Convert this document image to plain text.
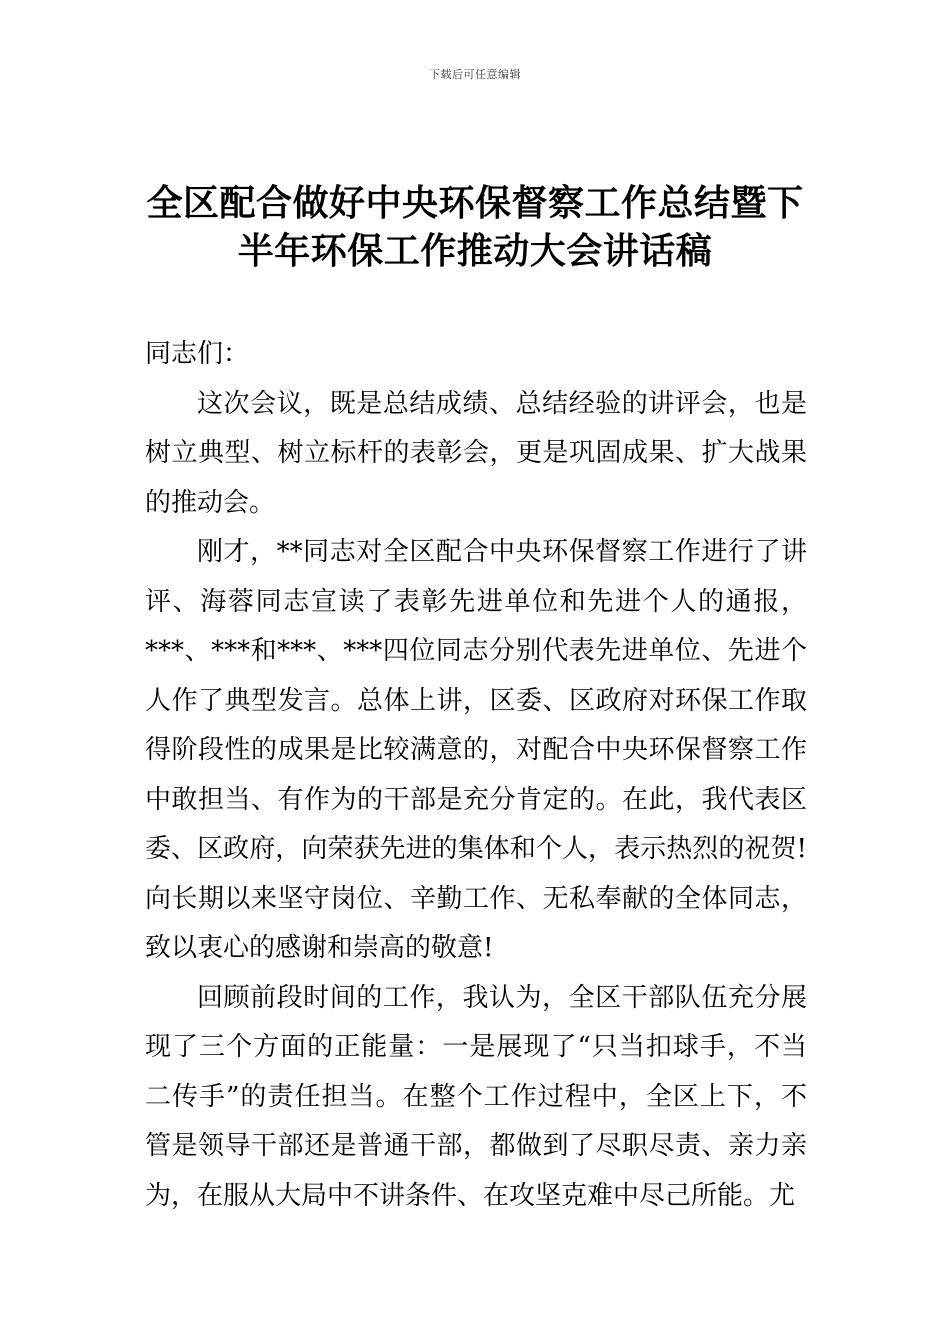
下载后可任意编辑
全区配合做好中央环保督察工作总结暨下
半年环保工作推动大会讲话稿

同志们：

这次会议，既是总结成绩、总结经验的讲评会，也是树立典型、树立标杆的表彰会，更是巩固成果、扩大战果的推动会。

刚才，**同志对全区配合中央环保督察工作进行了讲评、海蓉同志宣读了表彰先进单位和先进个人的通报，***、***和***、***四位同志分别代表先进单位、先进个人作了典型发言。总体上讲，区委、区政府对环保工作取得阶段性的成果是比较满意的，对配合中央环保督察工作中敢担当、有作为的干部是充分肯定的。在此，我代表区委、区政府，向荣获先进的集体和个人，表示热烈的祝贺!向长期以来坚守岗位、辛勤工作、无私奉献的全体同志，致以衷心的感谢和崇高的敬意!

回顾前段时间的工作，我认为，全区干部队伍充分展现了三个方面的正能量：一是展现了“只当扣球手，不当二传手”的责任担当。在整个工作过程中，全区上下，不管是领导干部还是普通干部，都做到了尽职尽责、亲力亲为，在服从大局中不讲条件、在攻坚克难中尽己所能。尤
